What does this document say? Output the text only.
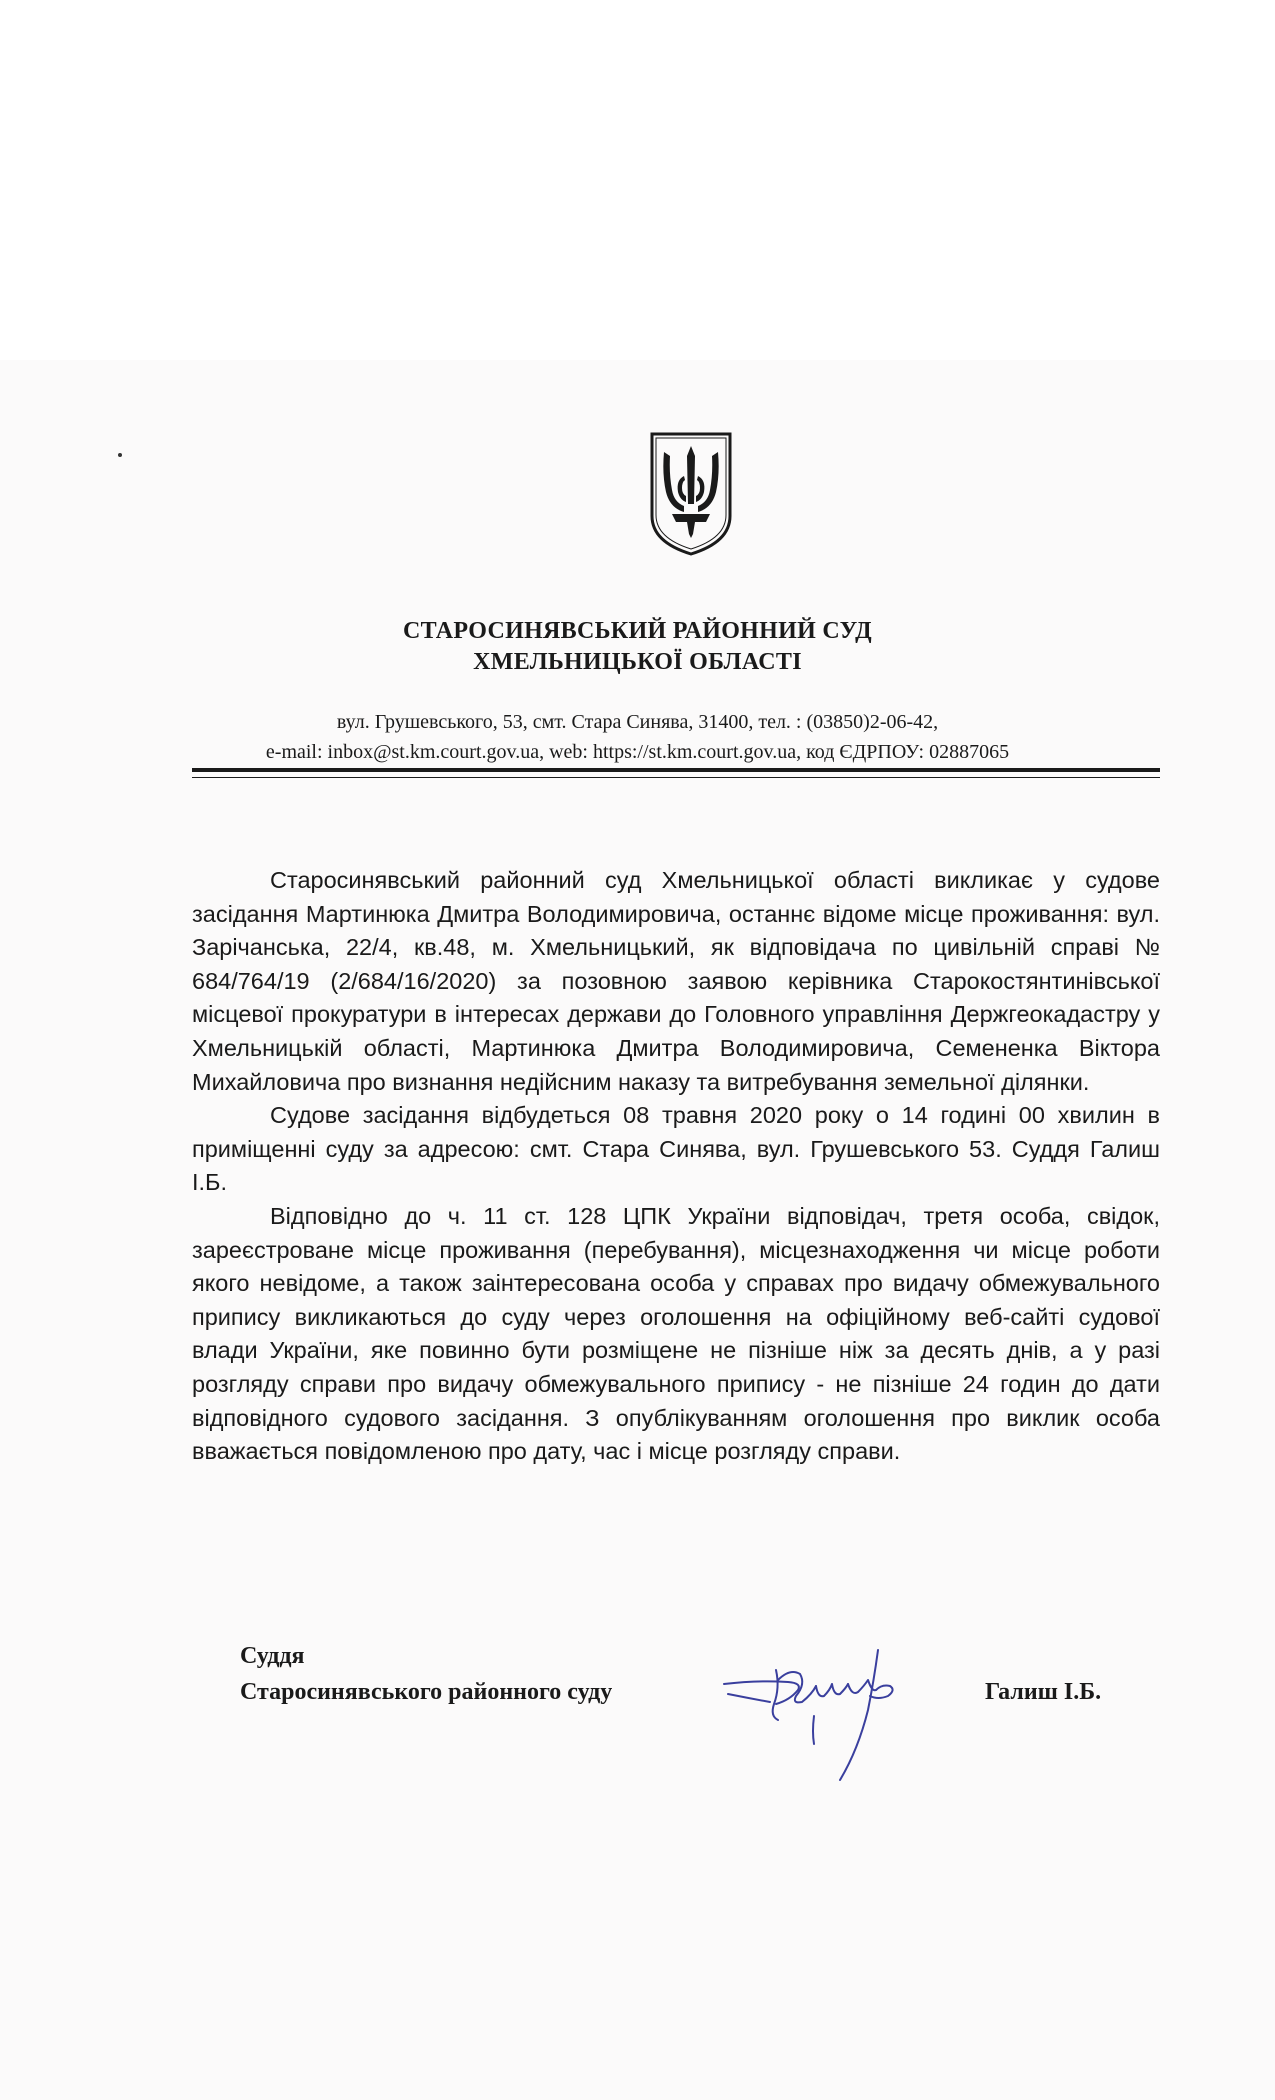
СТАРОСИНЯВСЬКИЙ РАЙОННИЙ СУД
ХМЕЛЬНИЦЬКОЇ ОБЛАСТІ

вул. Грушевського, 53, смт. Стара Синява, 31400, тел. : (03850)2-06-42,

e-mail: inbox@st.km.court.gov.ua, web: https://st.km.court.gov.ua, код ЄДРПОУ: 02887065

Старосинявський районний суд Хмельницької області викликає у судове засідання Мартинюка Дмитра Володимировича, останнє відоме місце проживання: вул. Зарічанська, 22/4, кв.48, м. Хмельницький, як відповідача по цивільній справі № 684/764/19 (2/684/16/2020) за позовною заявою керівника Старокостянтинівської місцевої прокуратури в інтересах держави до Головного управління Держгеокадастру у Хмельницькій області, Мартинюка Дмитра Володимировича, Семененка Віктора Михайловича про визнання недійсним наказу та витребування земельної ділянки.

Судове засідання відбудеться 08 травня 2020 року о 14 годині 00 хвилин в приміщенні суду за адресою: смт. Стара Синява, вул. Грушевського 53. Суддя Галиш І.Б.

Відповідно до ч. 11 ст. 128 ЦПК України відповідач, третя особа, свідок, зареєстроване місце проживання (перебування), місцезнаходження чи місце роботи якого невідоме, а також заінтересована особа у справах про видачу обмежувального припису викликаються до суду через оголошення на офіційному веб-сайті судової влади України, яке повинно бути розміщене не пізніше ніж за десять днів, а у разі розгляду справи про видачу обмежувального припису - не пізніше 24 годин до дати відповідного судового засідання. З опублікуванням оголошення про виклик особа вважається повідомленою про дату, час і місце розгляду справи.

Суддя
Старосинявського районного суду	Галиш І.Б.
